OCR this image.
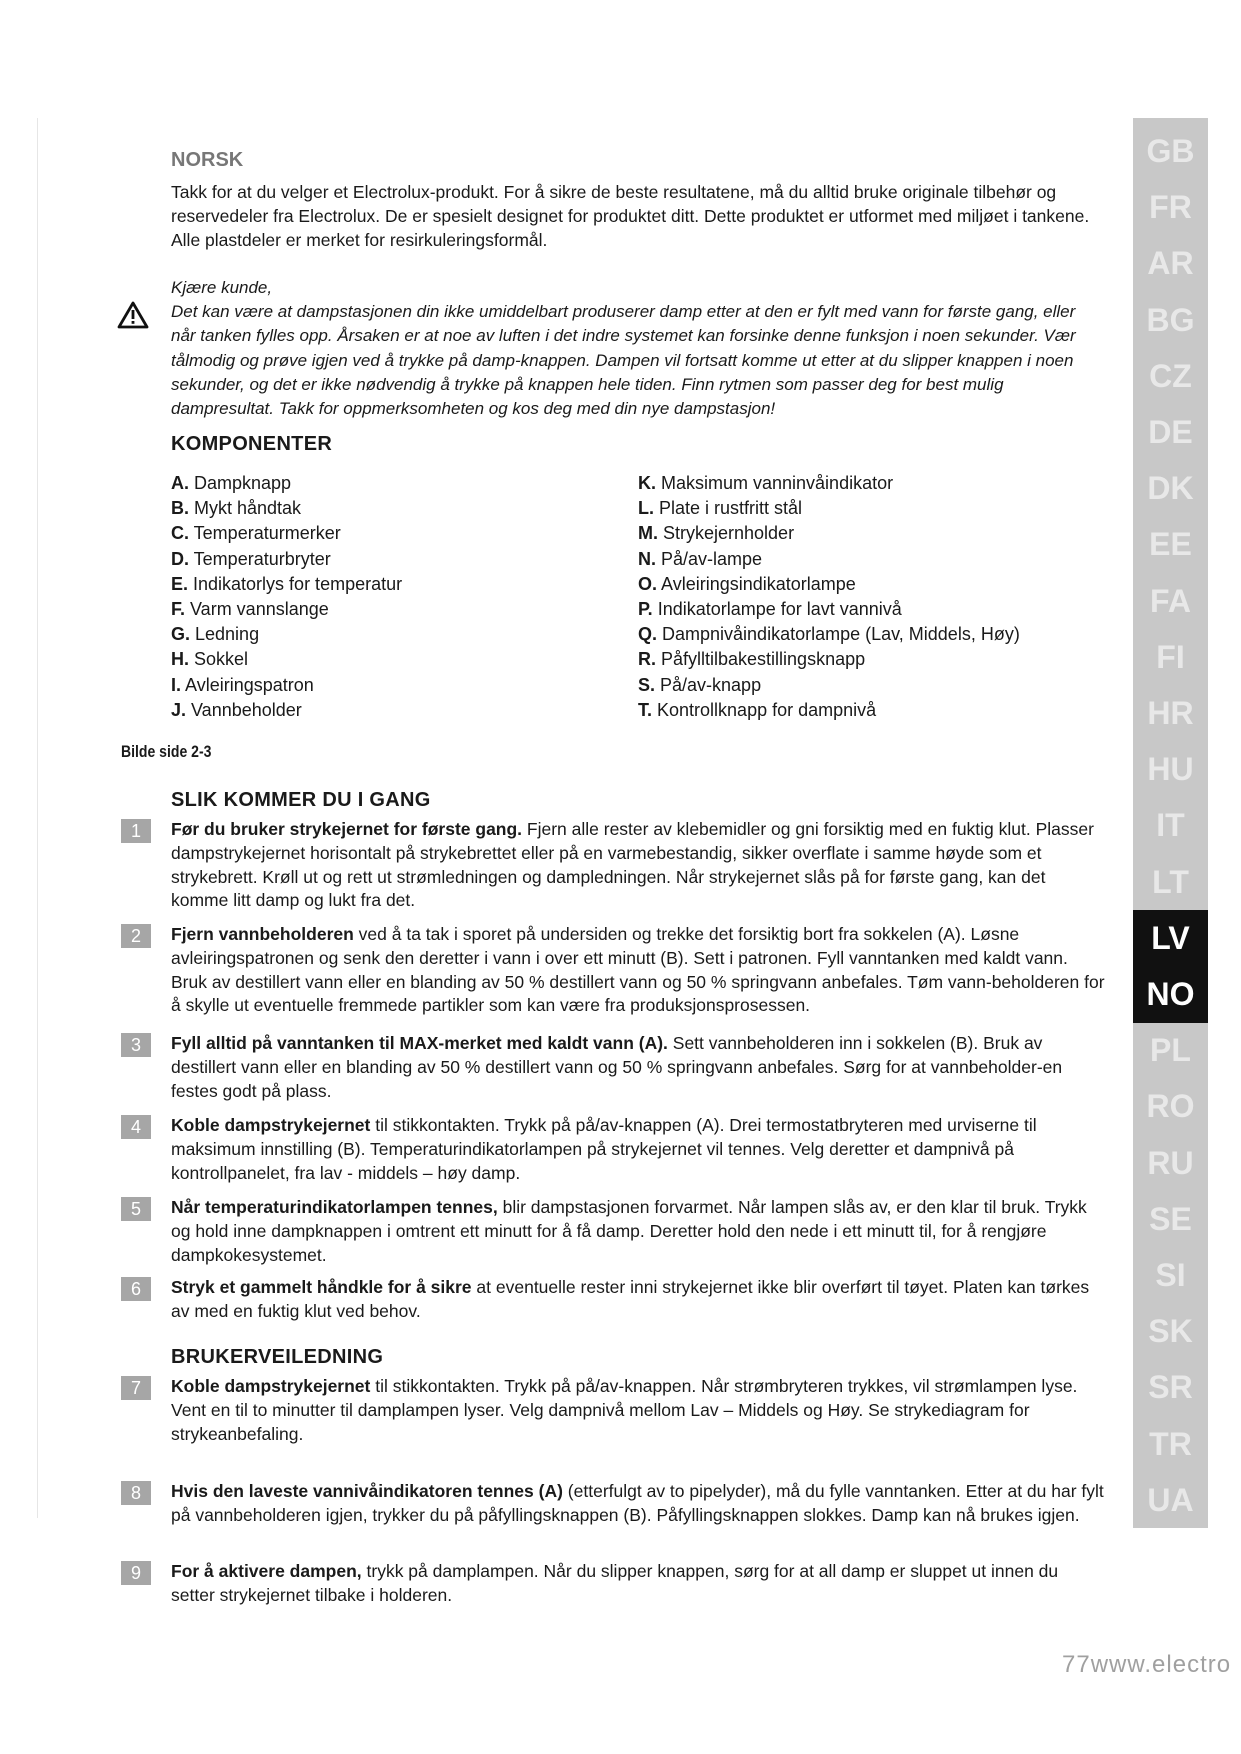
NORSK

Takk for at du velger et Electrolux-produkt. For å sikre de beste resultatene, må du alltid bruke originale tilbehør og reservedeler fra Electrolux. De er spesielt designet for produktet ditt. Dette produktet er utformet med miljøet i tankene. Alle plastdeler er merket for resirkuleringsformål.

Kjære kunde,

Det kan være at dampstasjonen din ikke umiddelbart produserer damp etter at den er fylt med vann for første gang, eller når tanken fylles opp. Årsaken er at noe av luften i det indre systemet kan forsinke denne funksjon i noen sekunder. Vær tålmodig og prøve igjen ved å trykke på damp-knappen. Dampen vil fortsatt komme ut etter at du slipper knappen i noen sekunder, og det er ikke nødvendig å trykke på knappen hele tiden. Finn rytmen som passer deg for best mulig dampresultat. Takk for oppmerksomheten og kos deg med din nye dampstasjon!

KOMPONENTER
A. Dampknapp
B. Mykt håndtak
C. Temperaturmerker
D. Temperaturbryter
E. Indikatorlys for temperatur
F. Varm vannslange
G. Ledning
H. Sokkel
I. Avleiringspatron
J. Vannbeholder
K. Maksimum vanninvåindikator
L. Plate i rustfritt stål
M. Strykejernholder
N. På/av-lampe
O. Avleiringsindikatorlampe
P. Indikatorlampe for lavt vannivå
Q. Dampnivåindikatorlampe (Lav, Middels, Høy)
R. Påfylltilbakestillingsknapp
S. På/av-knapp
T. Kontrollknapp for dampnivå
Bilde side 2-3
SLIK KOMMER DU I GANG
1	Før du bruker strykejernet for første gang. Fjern alle rester av klebemidler og gni forsiktig med en fuktig klut. Plasser dampstrykejernet horisontalt på strykebrettet eller på en varmebestandig, sikker overflate i samme høyde som et strykebrett. Krøll ut og rett ut strømledningen og dampledningen. Når strykejernet slås på for første gang, kan det komme litt damp og lukt fra det.
2	Fjern vannbeholderen ved å ta tak i sporet på undersiden og trekke det forsiktig bort fra sokkelen (A). Løsne avleiringspatronen og senk den deretter i vann i over ett minutt (B). Sett i patronen. Fyll vanntanken med kaldt vann. Bruk av destillert vann eller en blanding av 50 % destillert vann og 50 % springvann anbefales. Tøm vann-beholderen for å skylle ut eventuelle fremmede partikler som kan være fra produksjonsprosessen.
3	Fyll alltid på vanntanken til MAX-merket med kaldt vann (A). Sett vannbeholderen inn i sokkelen (B). Bruk av destillert vann eller en blanding av 50 % destillert vann og 50 % springvann anbefales. Sørg for at vannbeholder-en festes godt på plass.
4	Koble dampstrykejernet til stikkontakten. Trykk på på/av-knappen (A). Drei termostatbryteren med urviserne til maksimum innstilling (B). Temperaturindikatorlampen på strykejernet vil tennes. Velg deretter et dampnivå på kontrollpanelet, fra lav - middels – høy damp.
5	Når temperaturindikatorlampen tennes, blir dampstasjonen forvarmet. Når lampen slås av, er den klar til bruk. Trykk og hold inne dampknappen i omtrent ett minutt for å få damp. Deretter hold den nede i ett minutt til, for å rengjøre dampkokesystemet.
6	Stryk et gammelt håndkle for å sikre at eventuelle rester inni strykejernet ikke blir overført til tøyet. Platen kan tørkes av med en fuktig klut ved behov.
BRUKERVEILEDNING
7	Koble dampstrykejernet til stikkontakten. Trykk på på/av-knappen. Når strømbryteren trykkes, vil strømlampen lyse. Vent en til to minutter til damplampen lyser. Velg dampnivå mellom Lav – Middels og Høy. Se strykediagram for strykeanbefaling.
8	Hvis den laveste vannivåindikatoren tennes (A) (etterfulgt av to pipelyder), må du fylle vanntanken. Etter at du har fylt på vannbeholderen igjen, trykker du på påfyllingsknappen (B). Påfyllingsknappen slokkes. Damp kan nå brukes igjen.
9	For å aktivere dampen, trykk på damplampen. Når du slipper knappen, sørg for at all damp er sluppet ut innen du setter strykejernet tilbake i holderen.
GB
FR
AR
BG
CZ
DE
DK
EE
FA
FI
HR
HU
IT
LT
LV
NO
PL
RO
RU
SE
SI
SK
SR
TR
UA
77www.electro
